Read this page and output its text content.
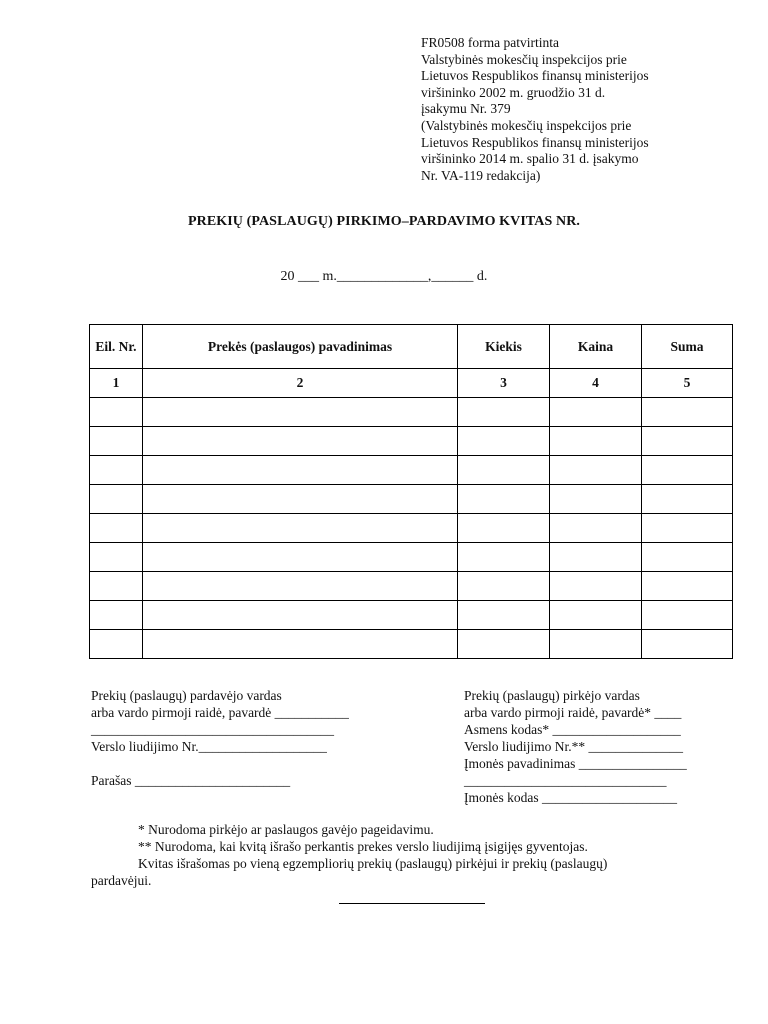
FR0508 forma patvirtinta
Valstybinės mokesčių inspekcijos prie
Lietuvos Respublikos finansų ministerijos
viršininko 2002 m. gruodžio 31 d.
įsakymu Nr. 379
(Valstybinės mokesčių inspekcijos prie
Lietuvos Respublikos finansų ministerijos
viršininko 2014 m. spalio 31 d. įsakymo
Nr. VA-119 redakcija)
PREKIŲ (PASLAUGŲ) PIRKIMO–PARDAVIMO KVITAS NR.
20 ___ m._____________,______ d.
Eil. Nr.	Prekės (paslaugos) pavadinimas	Kiekis	Kaina	Suma
1	2	3	4	5

Prekių (paslaugų) pardavėjo vardas
arba vardo pirmoji raidė, pavardė ___________
____________________________________
Verslo liudijimo Nr.___________________
Parašas _______________________
Prekių (paslaugų) pirkėjo vardas
arba vardo pirmoji raidė, pavardė* ____
Asmens kodas* ___________________
Verslo liudijimo Nr.** ______________
Įmonės pavadinimas ________________
______________________________
Įmonės kodas ____________________
* Nurodoma pirkėjo ar paslaugos gavėjo pageidavimu.
** Nurodoma, kai kvitą išrašo perkantis prekes verslo liudijimą įsigijęs gyventojas.
Kvitas išrašomas po vieną egzempliorių prekių (paslaugų) pirkėjui ir prekių (paslaugų)
pardavėjui.
